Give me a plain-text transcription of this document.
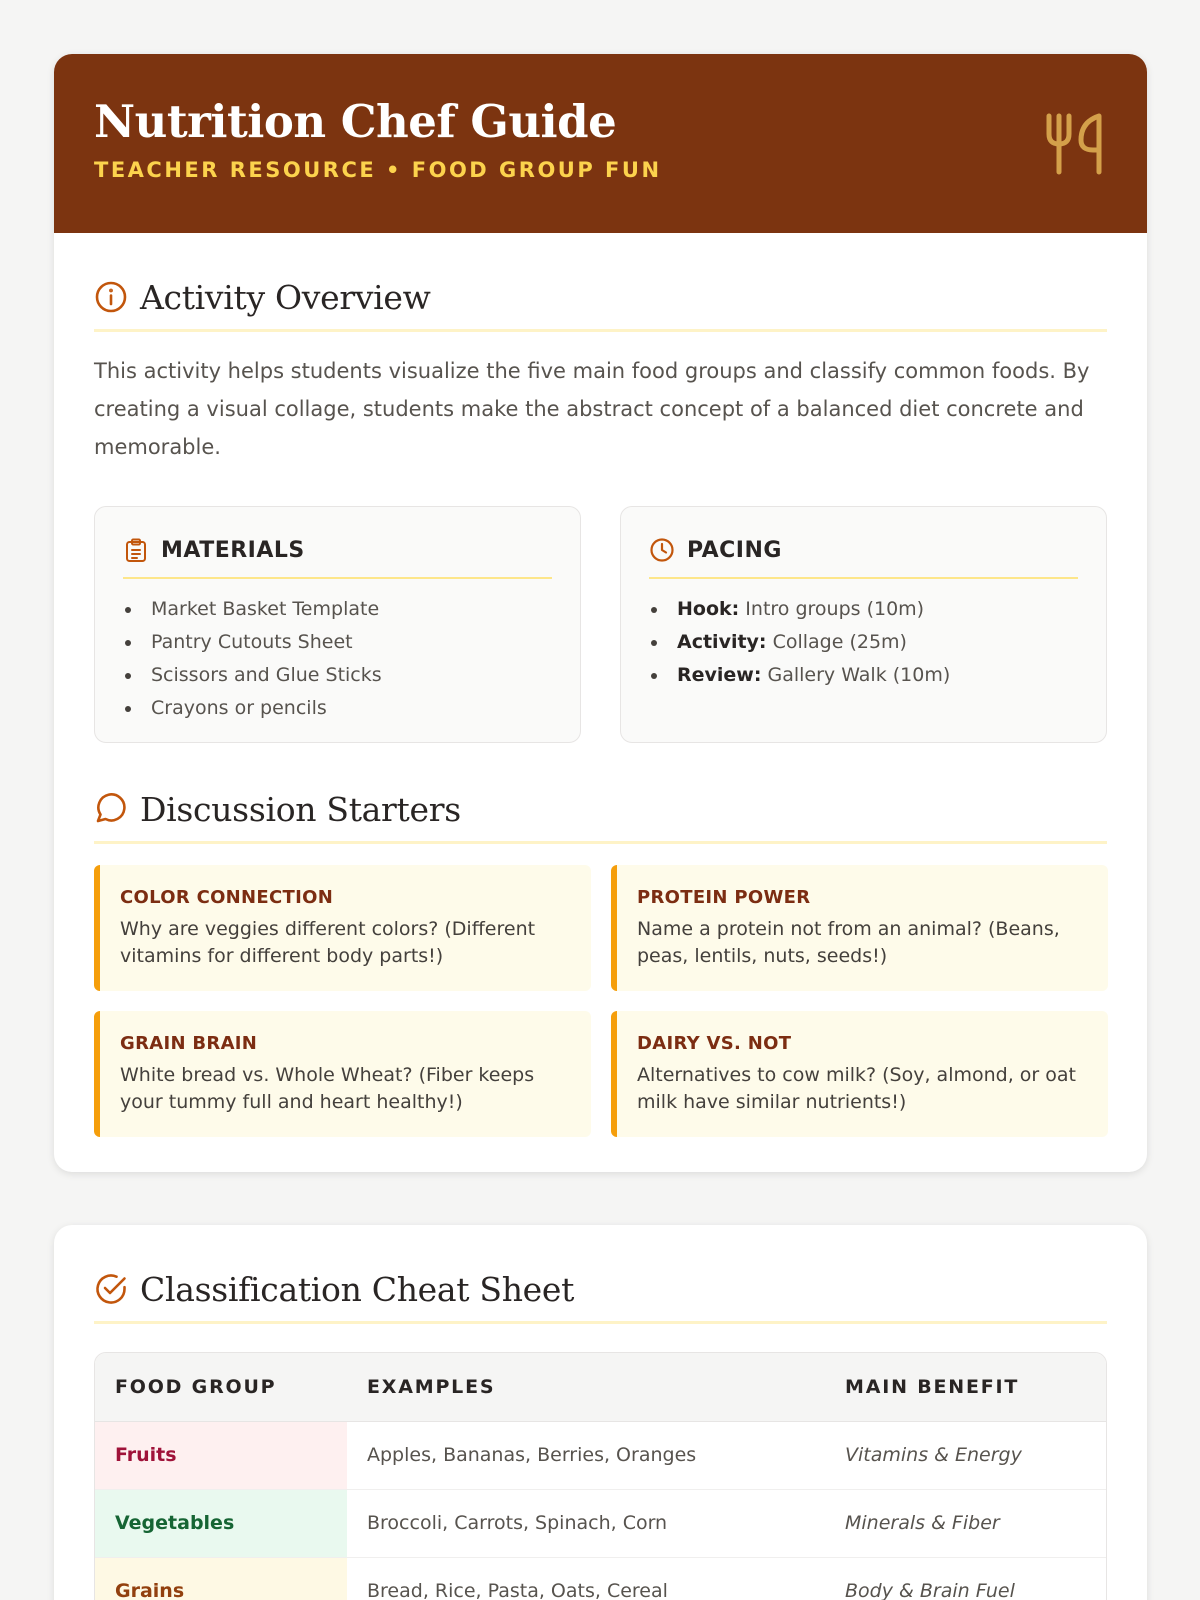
Nutrition Chef Guide
TEACHER RESOURCE • FOOD GROUP FUN
Activity Overview

This activity helps students visualize the five main food groups and classify common foods. By creating a visual collage, students make the abstract concept of a balanced diet concrete and memorable.

MATERIALS
Market Basket Template
Pantry Cutouts Sheet
Scissors and Glue Sticks
Crayons or pencils
PACING
Hook: Intro groups (10m)
Activity: Collage (25m)
Review: Gallery Walk (10m)
Discussion Starters
COLOR CONNECTION
Why are veggies different colors? (Different vitamins for different body parts!)
PROTEIN POWER
Name a protein not from an animal? (Beans, peas, lentils, nuts, seeds!)
GRAIN BRAIN
White bread vs. Whole Wheat? (Fiber keeps your tummy full and heart healthy!)
DAIRY VS. NOT
Alternatives to cow milk? (Soy, almond, or oat milk have similar nutrients!)
Classification Cheat Sheet
FOOD GROUP	EXAMPLES	MAIN BENEFIT
Fruits	Apples, Bananas, Berries, Oranges	Vitamins & Energy
Vegetables	Broccoli, Carrots, Spinach, Corn	Minerals & Fiber
Grains	Bread, Rice, Pasta, Oats, Cereal	Body & Brain Fuel
